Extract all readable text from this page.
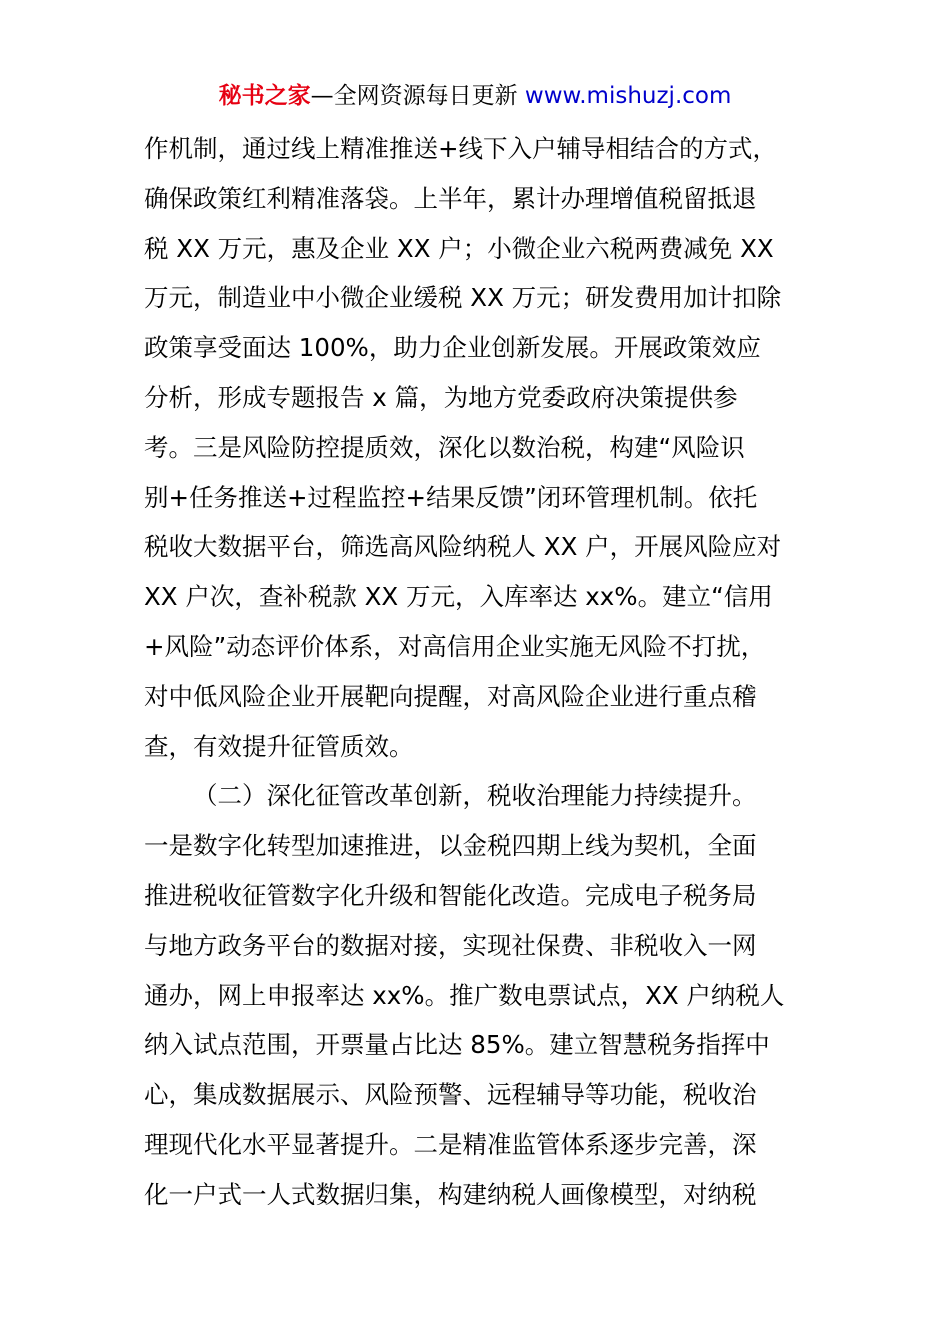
秘书之家—全网资源每日更新 www.mishuzj.com
作机制，通过线上精准推送+线下入户辅导相结合的方式，
确保政策红利精准落袋。上半年，累计办理增值税留抵退
税 XX 万元，惠及企业 XX 户；小微企业六税两费减免 XX
万元，制造业中小微企业缓税 XX 万元；研发费用加计扣除
政策享受面达 100%，助力企业创新发展。开展政策效应
分析，形成专题报告 x 篇，为地方党委政府决策提供参
考。三是风险防控提质效，深化以数治税，构建“风险识
别+任务推送+过程监控+结果反馈”闭环管理机制。依托
税收大数据平台，筛选高风险纳税人 XX 户，开展风险应对
XX 户次，查补税款 XX 万元，入库率达 xx%。建立“信用
+风险”动态评价体系，对高信用企业实施无风险不打扰，
对中低风险企业开展靶向提醒，对高风险企业进行重点稽
查，有效提升征管质效。
（二）深化征管改革创新，税收治理能力持续提升。
一是数字化转型加速推进，以金税四期上线为契机，全面
推进税收征管数字化升级和智能化改造。完成电子税务局
与地方政务平台的数据对接，实现社保费、非税收入一网
通办，网上申报率达 xx%。推广数电票试点，XX 户纳税人
纳入试点范围，开票量占比达 85%。建立智慧税务指挥中
心，集成数据展示、风险预警、远程辅导等功能，税收治
理现代化水平显著提升。二是精准监管体系逐步完善，深
化一户式一人式数据归集，构建纳税人画像模型，对纳税
